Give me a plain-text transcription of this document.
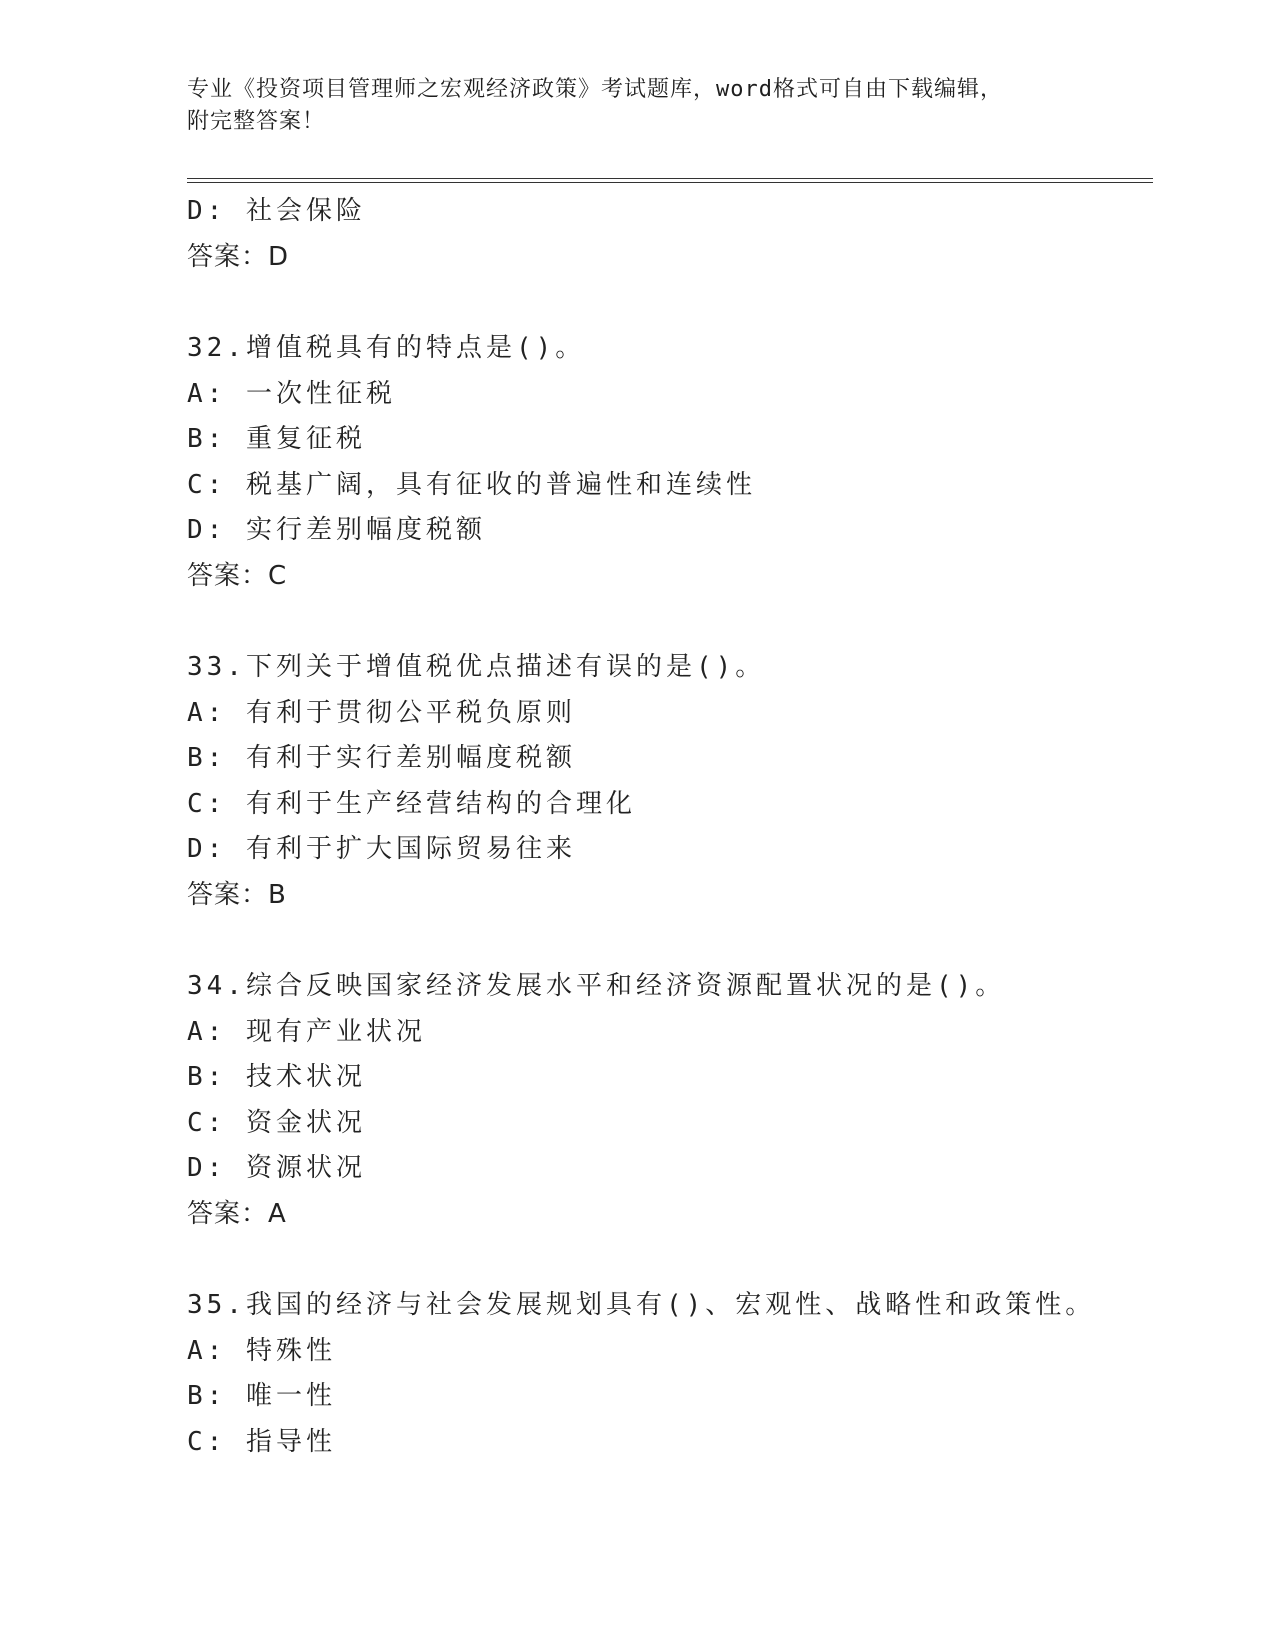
专业《投资项目管理师之宏观经济政策》考试题库，word格式可自由下载编辑，

附完整答案！

D: 社会保险
答案：D
32.增值税具有的特点是()。
A: 一次性征税
B: 重复征税
C: 税基广阔，具有征收的普遍性和连续性
D: 实行差别幅度税额
答案：C
33.下列关于增值税优点描述有误的是()。
A: 有利于贯彻公平税负原则
B: 有利于实行差别幅度税额
C: 有利于生产经营结构的合理化
D: 有利于扩大国际贸易往来
答案：B
34.综合反映国家经济发展水平和经济资源配置状况的是()。
A: 现有产业状况
B: 技术状况
C: 资金状况
D: 资源状况
答案：A
35.我国的经济与社会发展规划具有()、宏观性、战略性和政策性。
A: 特殊性
B: 唯一性
C: 指导性
